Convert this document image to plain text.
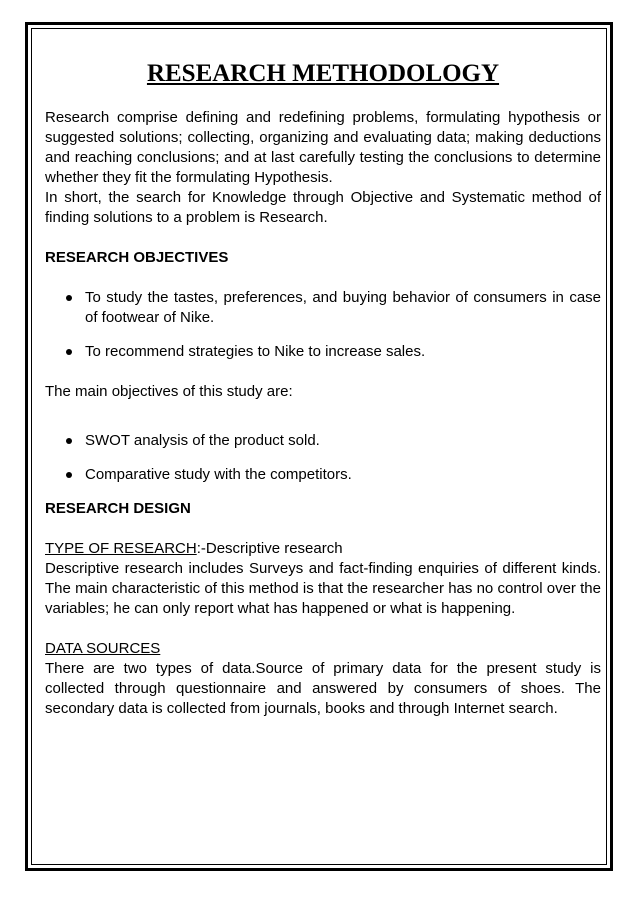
RESEARCH METHODOLOGY

Research comprise defining and redefining problems, formulating hypothesis or suggested solutions; collecting, organizing and evaluating data; making deductions and reaching conclusions; and at last carefully testing the conclusions to determine whether they fit the formulating Hypothesis.

In short, the search for Knowledge through Objective and Systematic method of finding solutions to a problem is Research.

RESEARCH OBJECTIVES

To study the tastes, preferences, and buying behavior of consumers in case of footwear of Nike.
To recommend strategies to Nike to increase sales.

The main objectives of this study are:

SWOT analysis of the product sold.
Comparative study with the competitors.

RESEARCH DESIGN

TYPE OF RESEARCH:-Descriptive research

Descriptive research includes Surveys and fact-finding enquiries of different kinds. The main characteristic of this method is that the researcher has no control over the variables; he can only report what has happened or what is happening.

DATA SOURCES

There are two types of data.Source of primary data for the present study is collected through questionnaire and answered by consumers of shoes. The secondary data is collected from journals, books and through Internet search.
